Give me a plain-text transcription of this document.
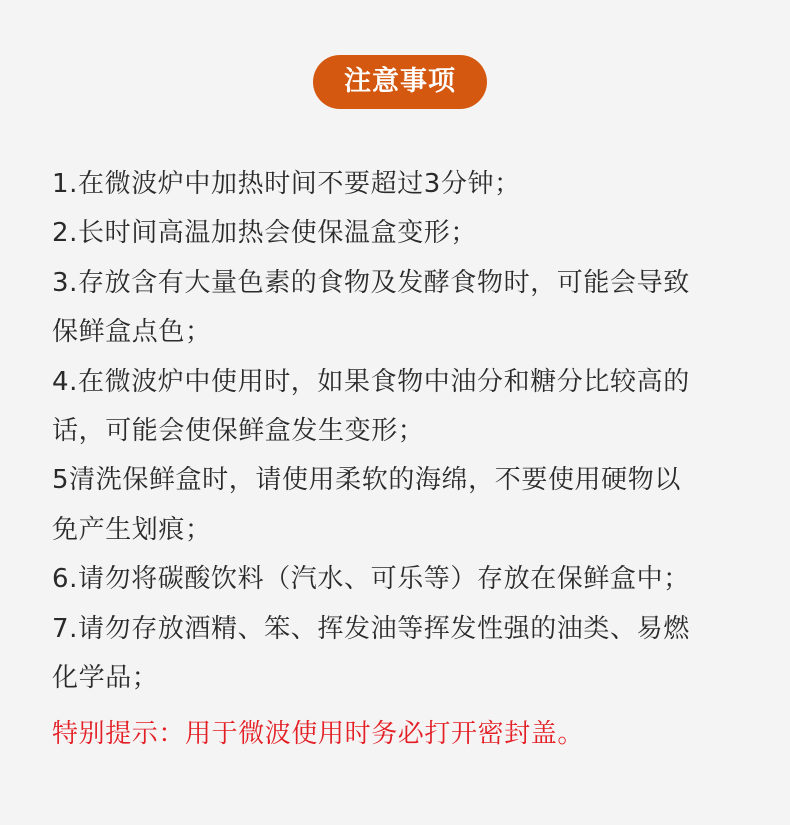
注意事项
1.在微波炉中加热时间不要超过3分钟；
2.长时间高温加热会使保温盒变形；
3.存放含有大量色素的食物及发酵食物时，可能会导致
保鲜盒点色；
4.在微波炉中使用时，如果食物中油分和糖分比较高的
话，可能会使保鲜盒发生变形；
5清洗保鲜盒时，请使用柔软的海绵，不要使用硬物以
免产生划痕；
6.请勿将碳酸饮料（汽水、可乐等）存放在保鲜盒中；
7.请勿存放酒精、笨、挥发油等挥发性强的油类、易燃
化学品；
特别提示：用于微波使用时务必打开密封盖。
